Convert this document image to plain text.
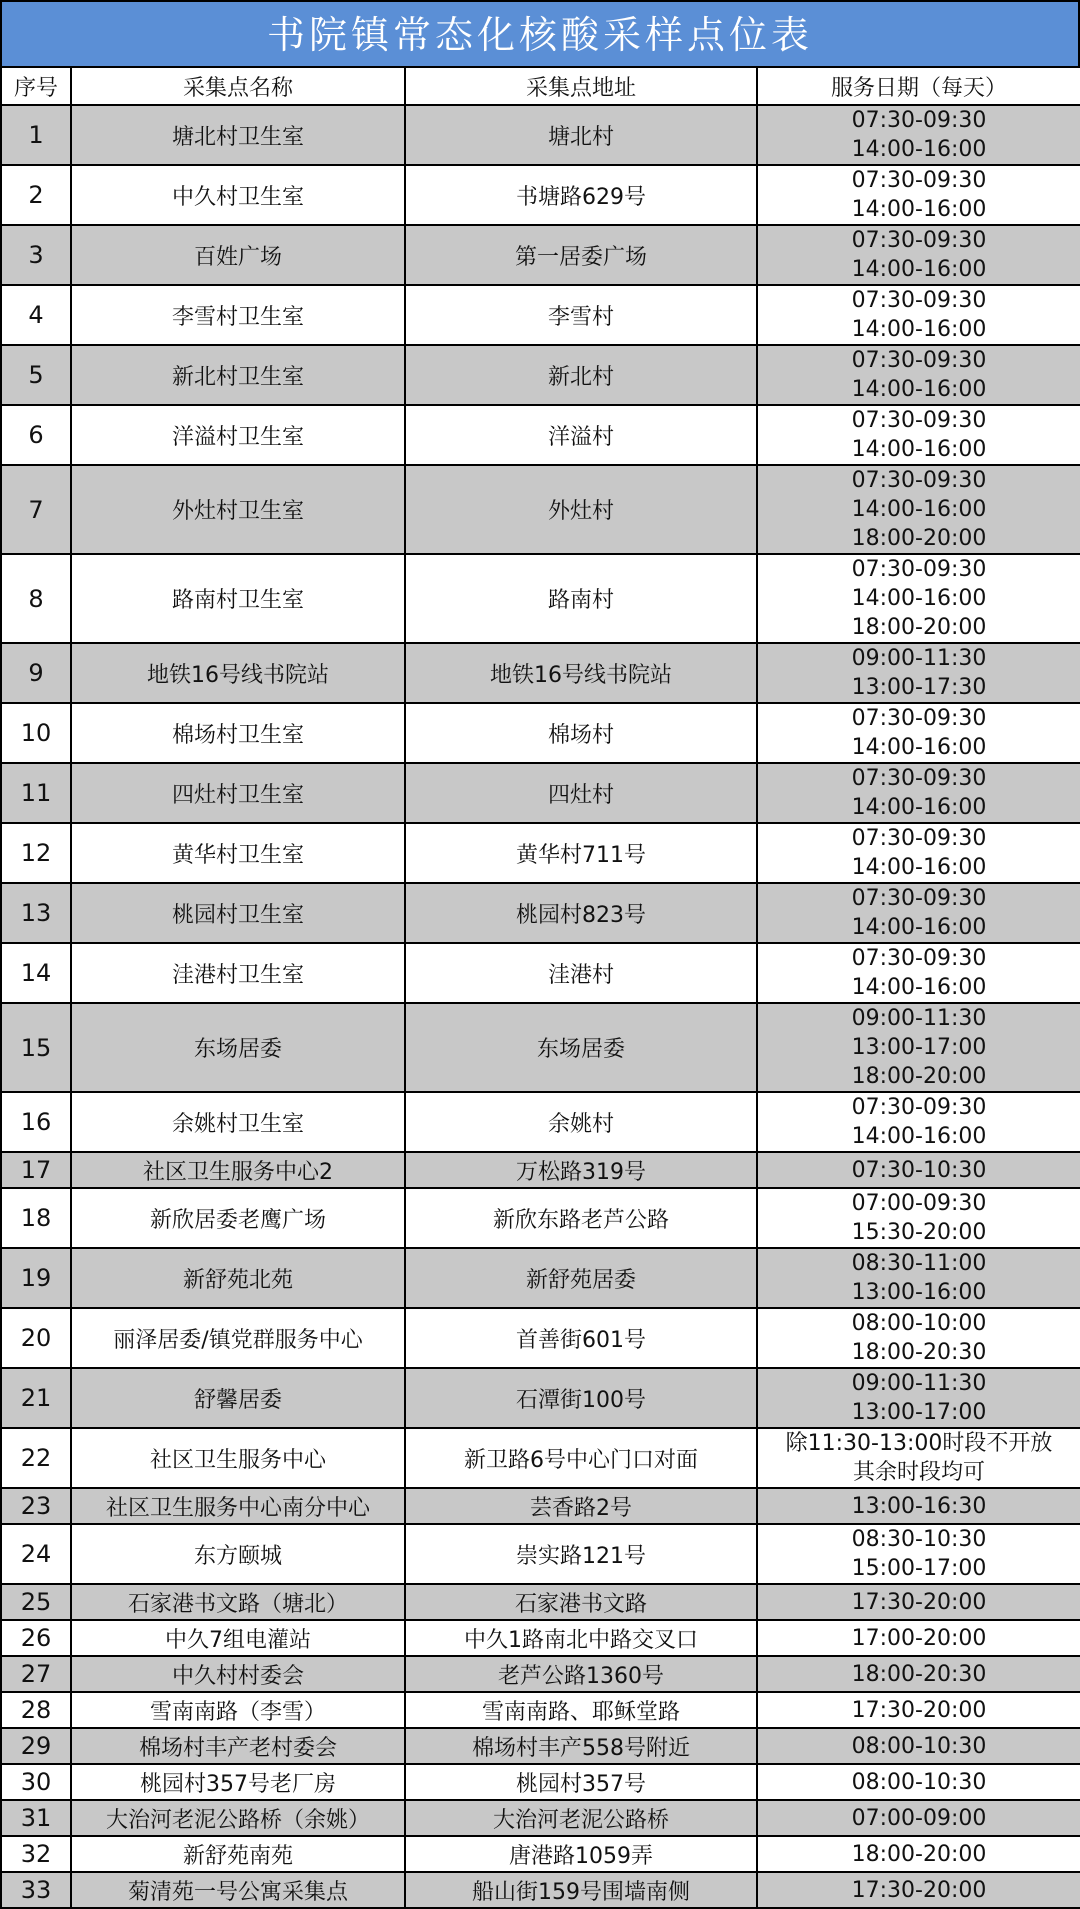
书院镇常态化核酸采样点位表
序号	采集点名称	采集点地址	服务日期（每天）
1	塘北村卫生室	塘北村	07:30-09:30
14:00-16:00

2	中久村卫生室	书塘路629号	07:30-09:30
14:00-16:00

3	百姓广场	第一居委广场	07:30-09:30
14:00-16:00

4	李雪村卫生室	李雪村	07:30-09:30
14:00-16:00

5	新北村卫生室	新北村	07:30-09:30
14:00-16:00

6	洋溢村卫生室	洋溢村	07:30-09:30
14:00-16:00

7	外灶村卫生室	外灶村	07:30-09:30
14:00-16:00
18:00-20:00

8	路南村卫生室	路南村	07:30-09:30
14:00-16:00
18:00-20:00

9	地铁16号线书院站	地铁16号线书院站	09:00-11:30
13:00-17:30

10	棉场村卫生室	棉场村	07:30-09:30
14:00-16:00

11	四灶村卫生室	四灶村	07:30-09:30
14:00-16:00

12	黄华村卫生室	黄华村711号	07:30-09:30
14:00-16:00

13	桃园村卫生室	桃园村823号	07:30-09:30
14:00-16:00

14	洼港村卫生室	洼港村	07:30-09:30
14:00-16:00

15	东场居委	东场居委	09:00-11:30
13:00-17:00
18:00-20:00

16	余姚村卫生室	余姚村	07:30-09:30
14:00-16:00

17	社区卫生服务中心2	万松路319号	07:30-10:30

18	新欣居委老鹰广场	新欣东路老芦公路	07:00-09:30
15:30-20:00

19	新舒苑北苑	新舒苑居委	08:30-11:00
13:00-16:00

20	丽泽居委/镇党群服务中心	首善街601号	08:00-10:00
18:00-20:30

21	舒馨居委	石潭街100号	09:00-11:30
13:00-17:00

22	社区卫生服务中心	新卫路6号中心门口对面	除11:30-13:00时段不开放
其余时段均可

23	社区卫生服务中心南分中心	芸香路2号	13:00-16:30

24	东方颐城	崇实路121号	08:30-10:30
15:00-17:00

25	石家港书文路（塘北）	石家港书文路	17:30-20:00

26	中久7组电灌站	中久1路南北中路交叉口	17:00-20:00

27	中久村村委会	老芦公路1360号	18:00-20:30

28	雪南南路（李雪）	雪南南路、耶稣堂路	17:30-20:00

29	棉场村丰产老村委会	棉场村丰产558号附近	08:00-10:30

30	桃园村357号老厂房	桃园村357号	08:00-10:30

31	大治河老泥公路桥（余姚）	大治河老泥公路桥	07:00-09:00

32	新舒苑南苑	唐港路1059弄	18:00-20:00

33	菊清苑一号公寓采集点	船山街159号围墙南侧	17:30-20:00
